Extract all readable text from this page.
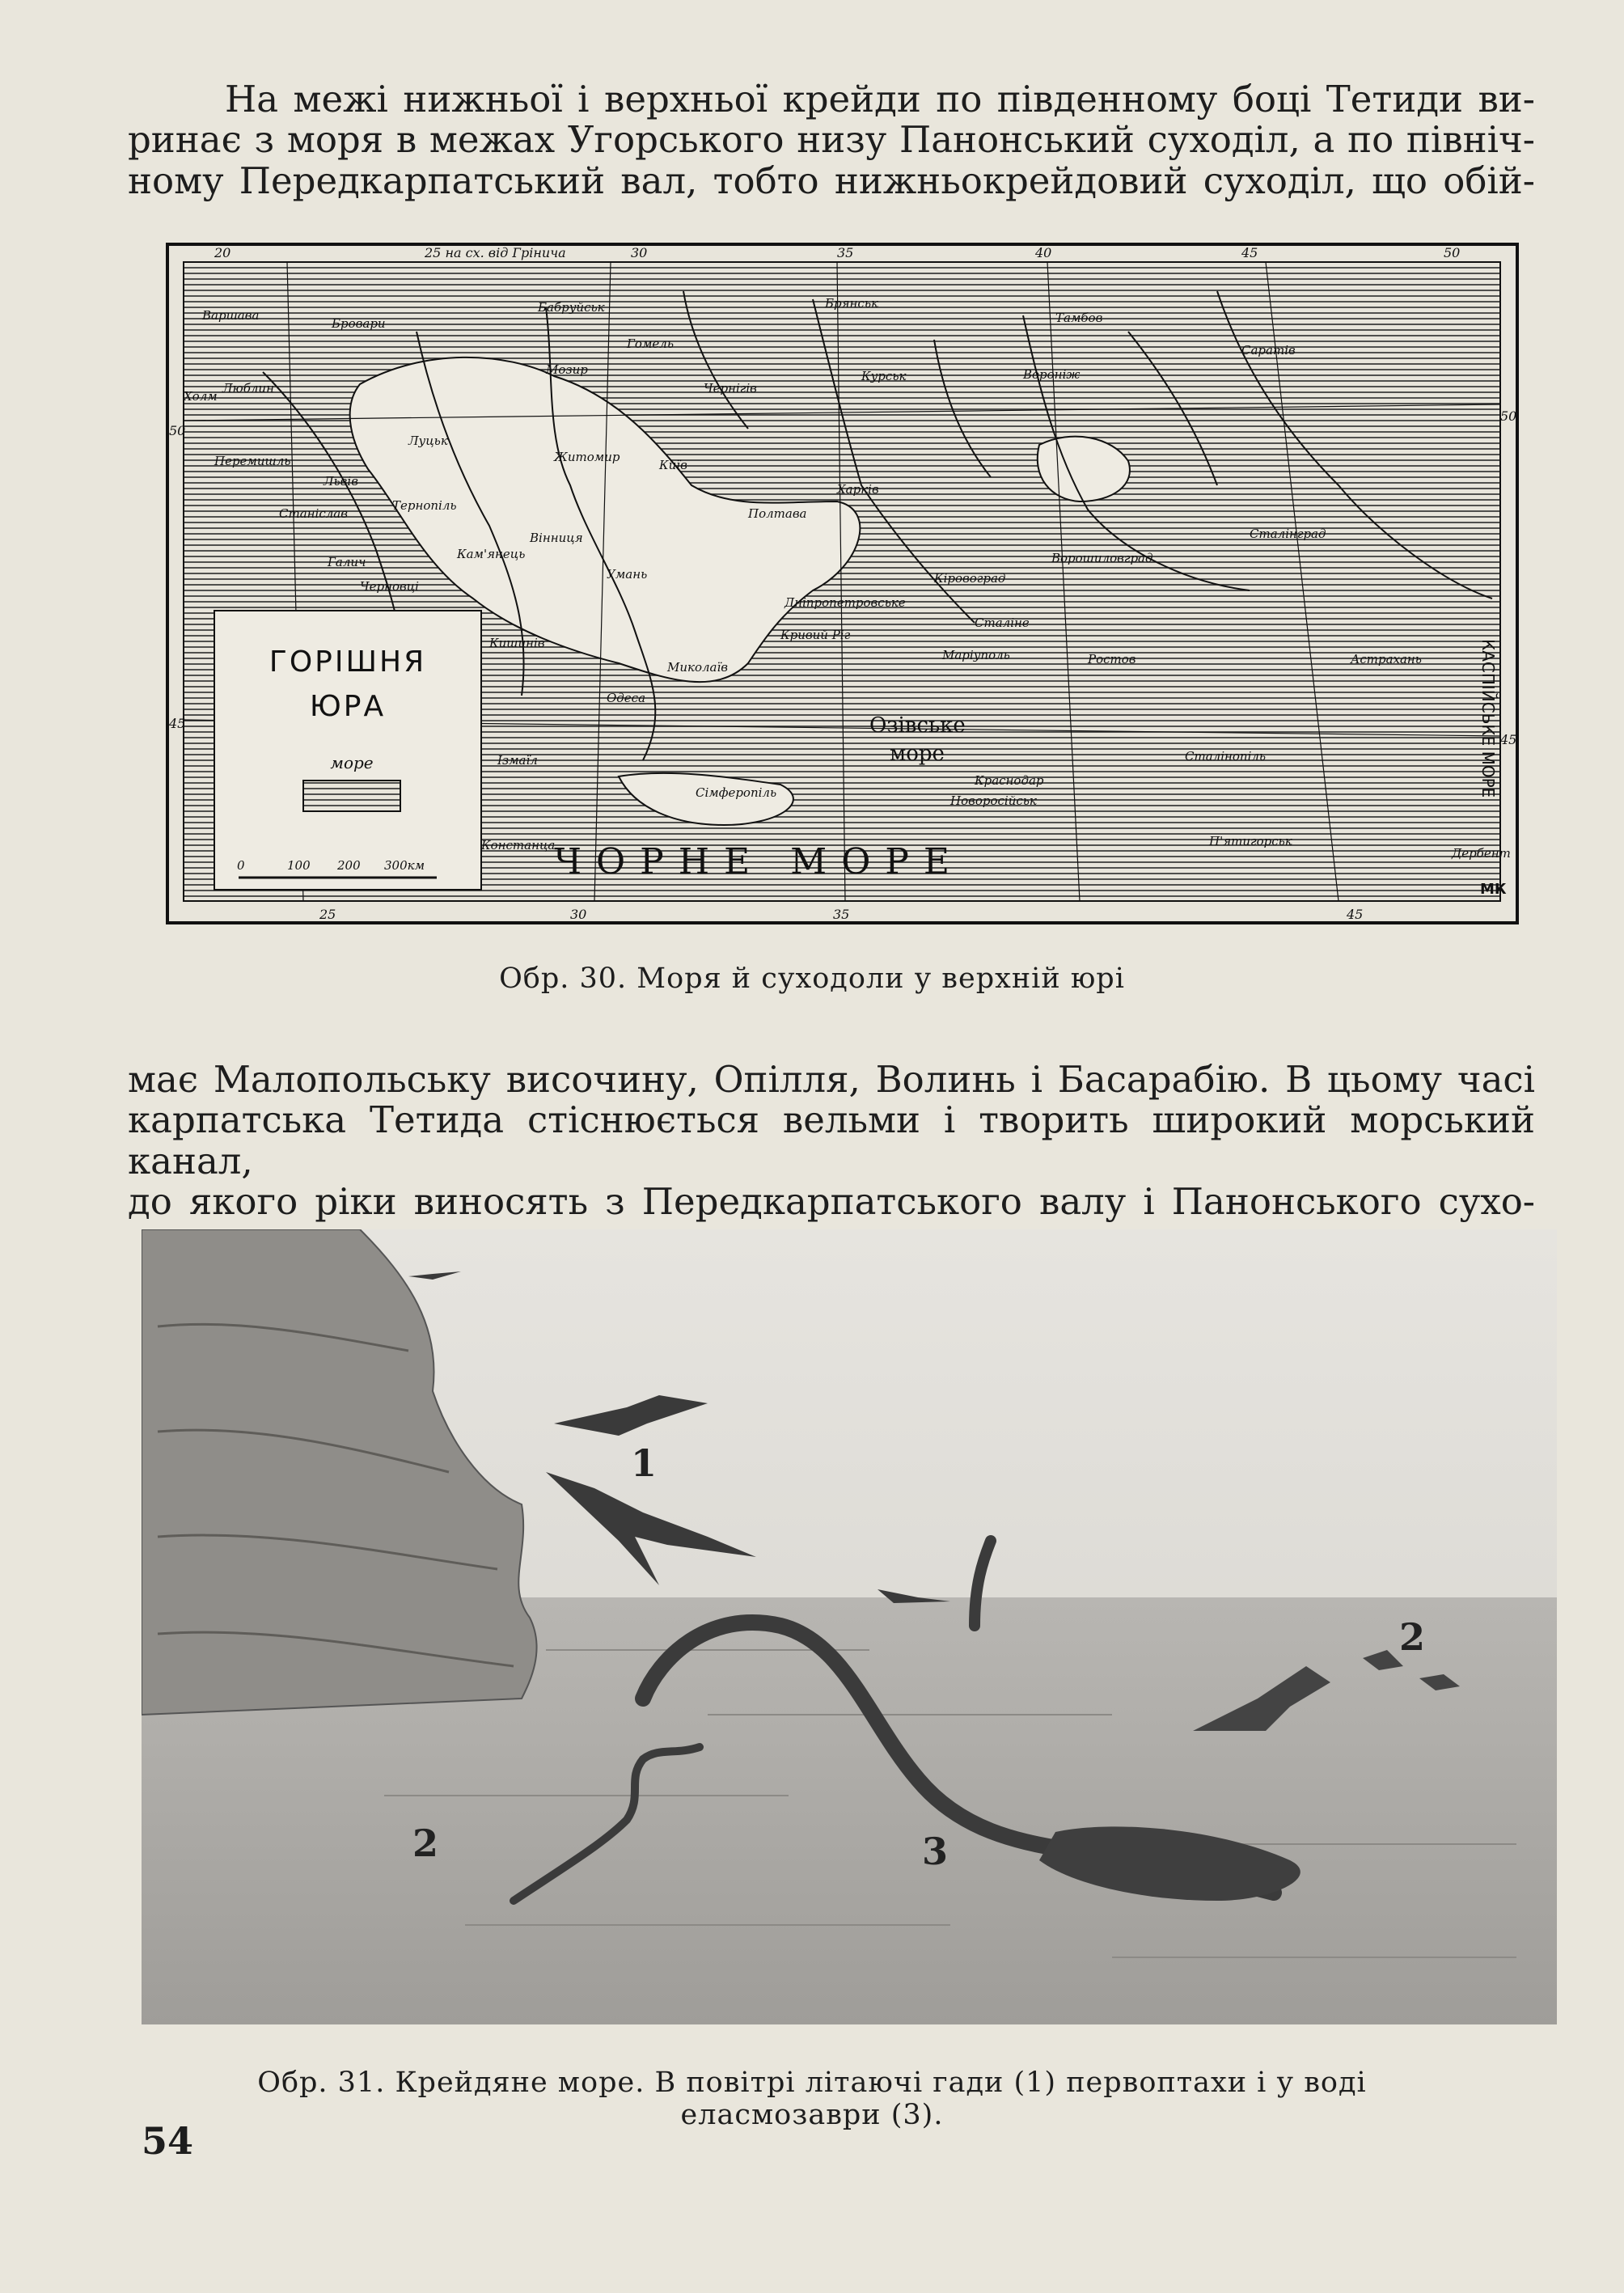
На межі нижньої і верхньої крейди по південному боці Тетиди ви-

ринає з моря в межах Угорського низу Панонський суходіл, а по північ-

ному Передкарпатський вал, тобто нижньокрейдовий суходіл, що обій-

20	25 на сх. від Грінича	30	35	40	45	50
25	30	35	45
50
45
50
45
Варшава
Бровари
Бабруйськ	Брянськ
Тамбов
Люблин
Мозир
Гомель	Саратів
Чернігів
Курськ	Вороніж
Холм
Луцьк
Житомир
Київ
Львів
Харків
Тернопіль
Полтава
Станіслав
Кам'янець
Вінниця
Ворошиловград
Сталінград
Черновці
Умань
Дніпропетровське
Сталіне
Кишинів
Кривий Ріг
Маріуполь	Ростов	Астрахань
Миколаїв
Одеса
Ізмаїл	Сталінопіль
Краснодар
Сімферопіль
Новоросійськ
П'ятигорськ
Констанца
Перемишль
Галич
Кіровоград
Дербент
Озівське
море
ЧОРНЕ МОРЕ
КАСПІЙСЬКЕ МОРЕ
МК
ГОРІШНЯ
ЮРА
море
0	100 200 300км
Обр. 30. Моря й суходоли у верхній юрі

має Малопольську височину, Опілля, Волинь і Басарабію. В цьому часі

карпатська Тетида стіснюється вельми і творить широкий морський канал,

до якого ріки виносять з Передкарпатського валу і Панонського сухо-

1
2
2	3
Обр. 31. Крейдяне море. В повітрі літаючі гади (1) первоптахи і у воді
еласмозаври (3).
54
